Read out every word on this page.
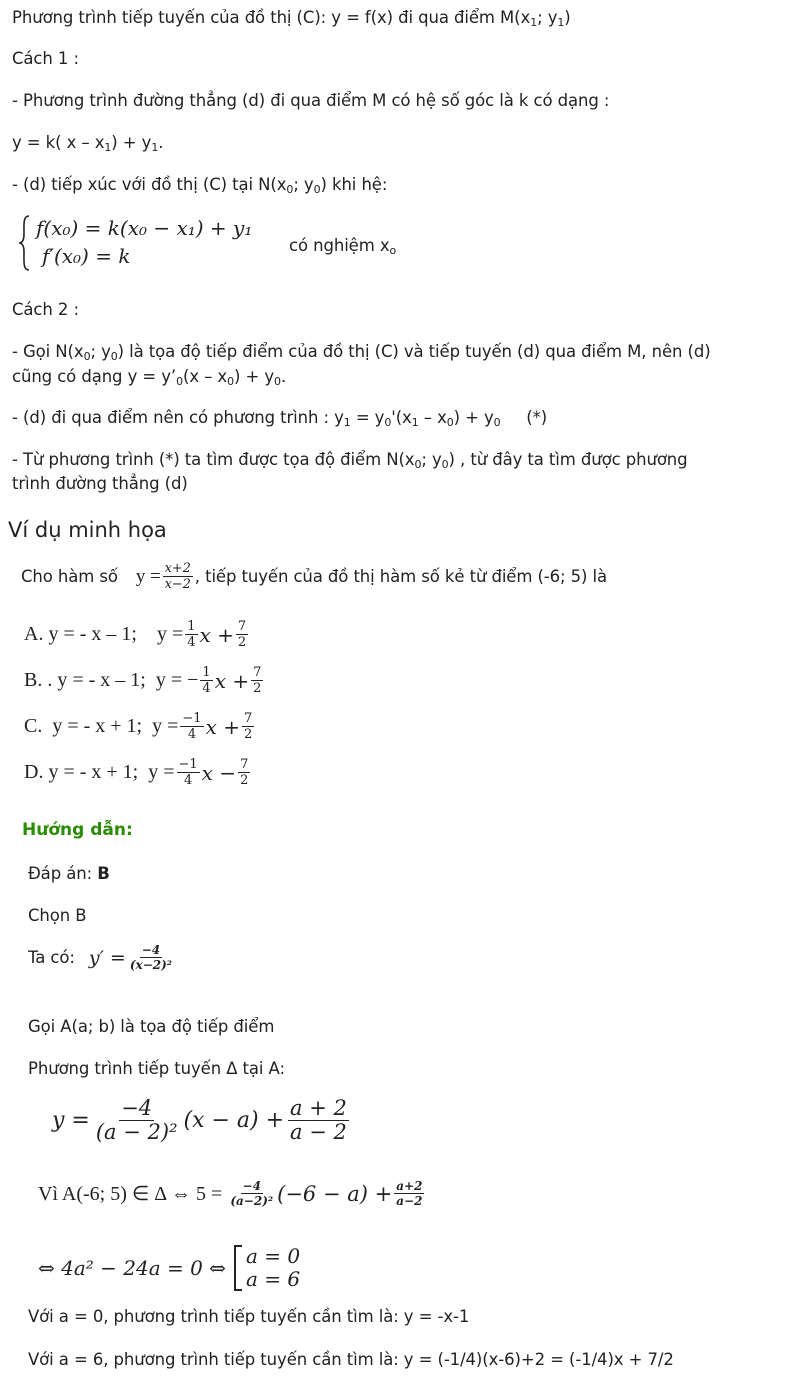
Phương trình tiếp tuyến của đồ thị (C): y = f(x) đi qua điểm $M(x_1$; $y_1$)
Cách 1 :
- Phương trình đường thẳng (d) đi qua điểm M có hệ số góc là k có dạng :
y = k( $x - x_1) + y_1$.
- (d) tiếp xúc với đồ thị (C) tại $N(x_0$; $y_0$) khi hệ:
f(x₀) = k(x₀ − x₁) + y₁
f′(x₀) = k	có nghiệm $x_o$
Cách 2 :
- Gọi $N(x_0$; $y_0$) là tọa độ tiếp điểm của đồ thị (C) và tiếp tuyến (d) qua điểm M, nên (d)
cũng có dạng $y = y’_0(x - x_0) + y_0$.
- (d) đi qua điểm nên có phương trình : $y_1 = y_0'(x_1 - x_0) + y_0$     (*)
- Từ phương trình (*) ta tìm được tọa độ điểm $N(x_0$; $y_0$) , từ đây ta tìm được phương
trình đường thẳng (d)
Ví dụ minh họa
Cho hàm số $y = \frac{x+2}{x-2}$ , tiếp tuyến của đồ thị hàm số kẻ từ điểm (-6; 5) là
A. y = - x – 1;    $y = \frac{1}{4}$ $x + \frac{7}{2}$
B. . y = - x – 1;  y = − $\frac{1}{4}$ $x + \frac{7}{2}$
C.  y = - x + 1;  $y = \frac{-1}{4}$ $x + \frac{7}{2}$
D. y = - x + 1;  $y = \frac{-1}{4}$ $x - \frac{7}{2}$
Hướng dẫn:
Đáp án: B
Chọn B
Ta có: $y' = \frac{-4}{\text{(x−2)²}}$
Gọi A(a; b) là tọa độ tiếp điểm
Phương trình tiếp tuyến Δ tại A:
$y = \frac{-4}{\text{(a − 2)²}} (x - a) + \frac{a + 2}{a - 2}$
Vì A(-6; 5) ∈ Δ ⇔ $5 = \frac{-4}{\text{(a−2)²}} (-6 - a) + \frac{a+2}{a-2}$
⇔ 4a² − 24a = 0 ⇔ a = 0
a = 6
Với a = 0, phương trình tiếp tuyến cần tìm là: y = -x-1
Với a = 6, phương trình tiếp tuyến cần tìm là: y = (-1/4)(x-6)+2 = (-1/4)x + 7/2
